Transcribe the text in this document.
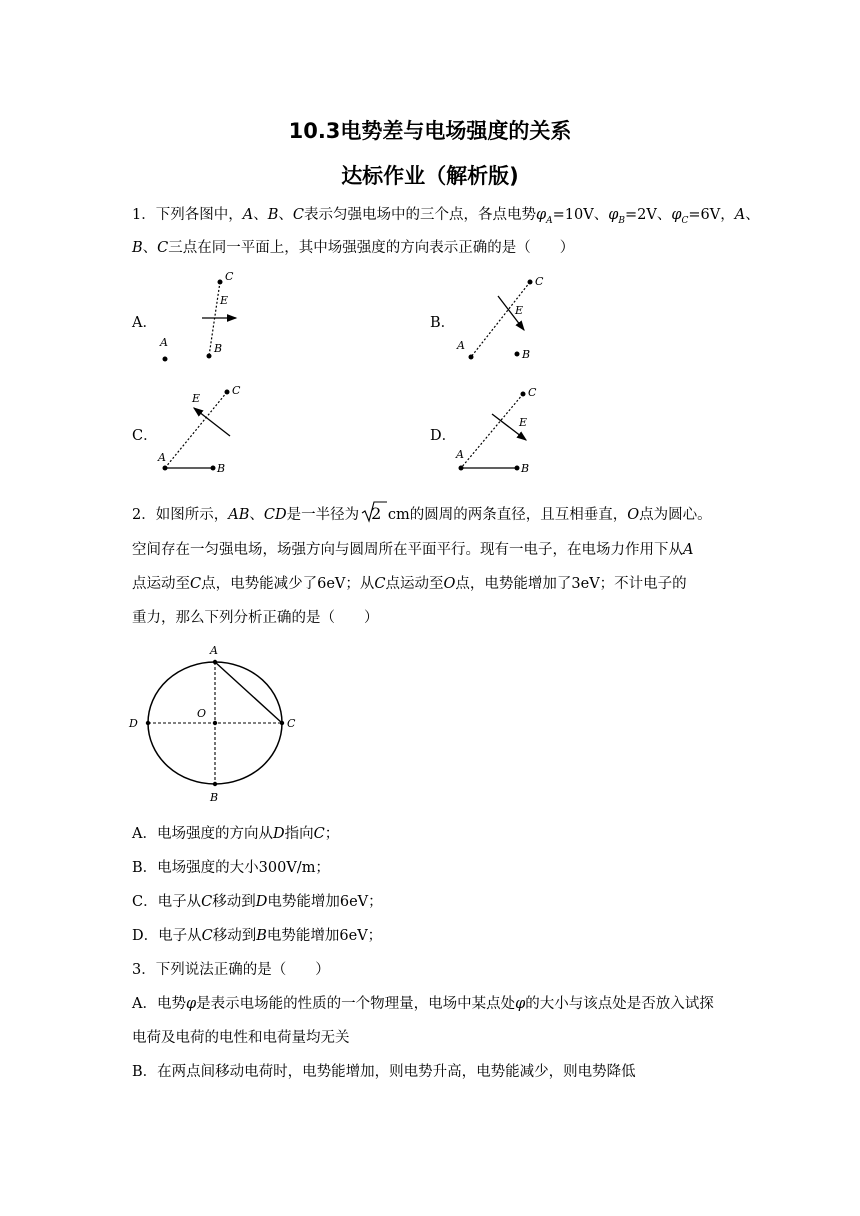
10.3电势差与电场强度的关系
达标作业（解析版)
1．下列各图中，A、B、C表示匀强电场中的三个点，各点电势$\varphi_A=10V$、$\varphi_B=2V$、$\varphi_C=6V$，A、
B、C三点在同一平面上，其中场强强度的方向表示正确的是（　　）
A．	B．
C．	D．
C
E
B
A
C
E
B
A
C
E
B
A
C
E
B
A
2．如图所示，AB、CD是一半径为 2 cm的圆周的两条直径，且互相垂直，O点为圆心。
空间存在一匀强电场，场强方向与圆周所在平面平行。现有一电子，在电场力作用下从A
点运动至C点，电势能减少了6eV；从C点运动至O点，电势能增加了3eV；不计电子的
重力，那么下列分析正确的是（　　）
A
B
D	C
O
A．电场强度的方向从D指向C；
B．电场强度的大小300V/m；
C．电子从C移动到D电势能增加6eV；
D．电子从C移动到B电势能增加6eV；
3．下列说法正确的是（　　）
A．电势φ是表示电场能的性质的一个物理量，电场中某点处φ的大小与该点处是否放入试探
电荷及电荷的电性和电荷量均无关
B．在两点间移动电荷时，电势能增加，则电势升高，电势能减少，则电势降低
